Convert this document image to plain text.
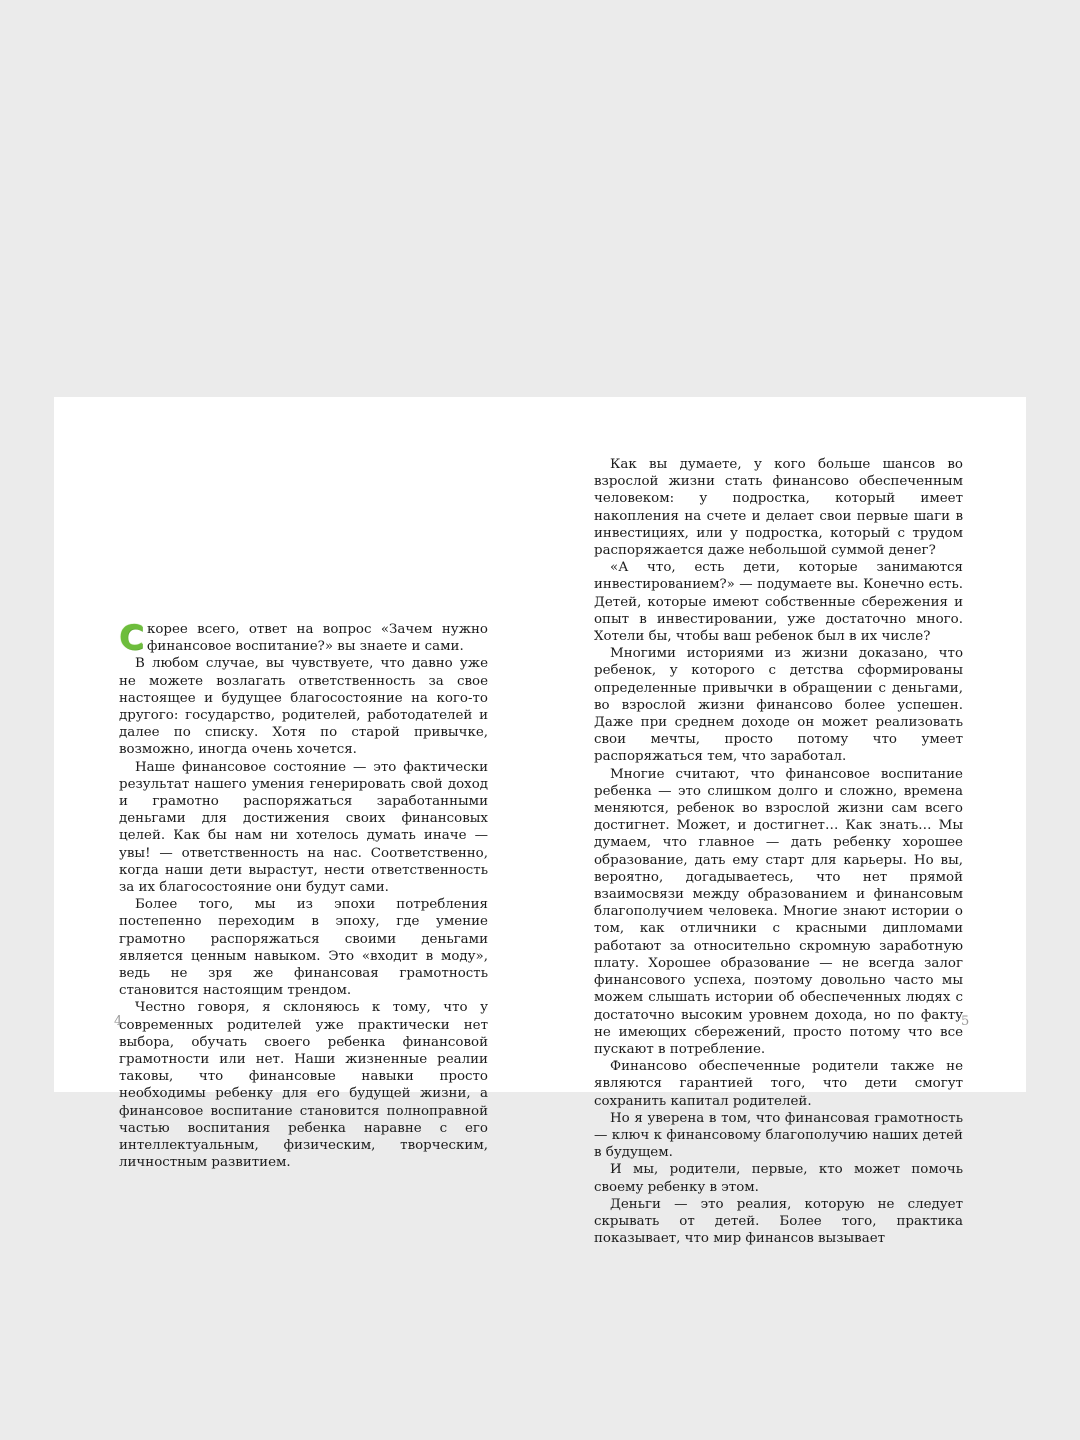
Скорее всего, ответ на вопрос «Зачем нужно финансовое воспитание?» вы знаете и сами.

В любом случае, вы чувствуете, что давно уже не можете возлагать ответственность за свое настоящее и будущее благосостояние на кого-то другого: государство, родителей, работодателей и далее по списку. Хотя по старой привычке, возможно, иногда очень хочется.

Наше финансовое состояние — это фактически результат нашего умения генерировать свой доход и грамотно распоряжаться заработанными деньгами для достижения своих финансовых целей. Как бы нам ни хотелось думать иначе — увы! — ответственность на нас. Соответственно, когда наши дети вырастут, нести ответственность за их благосостояние они будут сами.

Более того, мы из эпохи потребления постепенно переходим в эпоху, где умение грамотно распоряжаться своими деньгами является ценным навыком. Это «входит в моду», ведь не зря же финансовая грамотность становится настоящим трендом.

Честно говоря, я склоняюсь к тому, что у современных родителей уже практически нет выбора, обучать своего ребенка финансовой грамотности или нет. Наши жизненные реалии таковы, что финансовые навыки просто необходимы ребенку для его будущей жизни, а финансовое воспитание становится полноправной частью воспитания ребенка наравне с его интеллектуальным, физическим, творческим, личностным развитием.

4

Как вы думаете, у кого больше шансов во взрослой жизни стать финансово обеспеченным человеком: у подростка, который имеет накопления на счете и делает свои первые шаги в инвестициях, или у подростка, который с трудом распоряжается даже небольшой суммой денег?

«А что, есть дети, которые занимаются инвестированием?» — подумаете вы. Конечно есть. Детей, которые имеют собственные сбережения и опыт в инвестировании, уже достаточно много. Хотели бы, чтобы ваш ребенок был в их числе?

Многими историями из жизни доказано, что ребенок, у которого с детства сформированы определенные привычки в обращении с деньгами, во взрослой жизни финансово более успешен. Даже при среднем доходе он может реализовать свои мечты, просто потому что умеет распоряжаться тем, что заработал.

Многие считают, что финансовое воспитание ребенка — это слишком долго и сложно, времена меняются, ребенок во взрослой жизни сам всего достигнет. Может, и достигнет… Как знать… Мы думаем, что главное — дать ребенку хорошее образование, дать ему старт для карьеры. Но вы, вероятно, догадываетесь, что нет прямой взаимосвязи между образованием и финансовым благополучием человека. Многие знают истории о том, как отличники с красными дипломами работают за относительно скромную заработную плату. Хорошее образование — не всегда залог финансового успеха, поэтому довольно часто мы можем слышать истории об обеспеченных людях с достаточно высоким уровнем дохода, но по факту не имеющих сбережений, просто потому что все пускают в потребление.

Финансово обеспеченные родители также не являются гарантией того, что дети смогут сохранить капитал родителей.

Но я уверена в том, что финансовая грамотность — ключ к финансовому благополучию наших детей в будущем.

И мы, родители, первые, кто может помочь своему ребенку в этом.

Деньги — это реалия, которую не следует скрывать от детей. Более того, практика показывает, что мир финансов вызывает

5
